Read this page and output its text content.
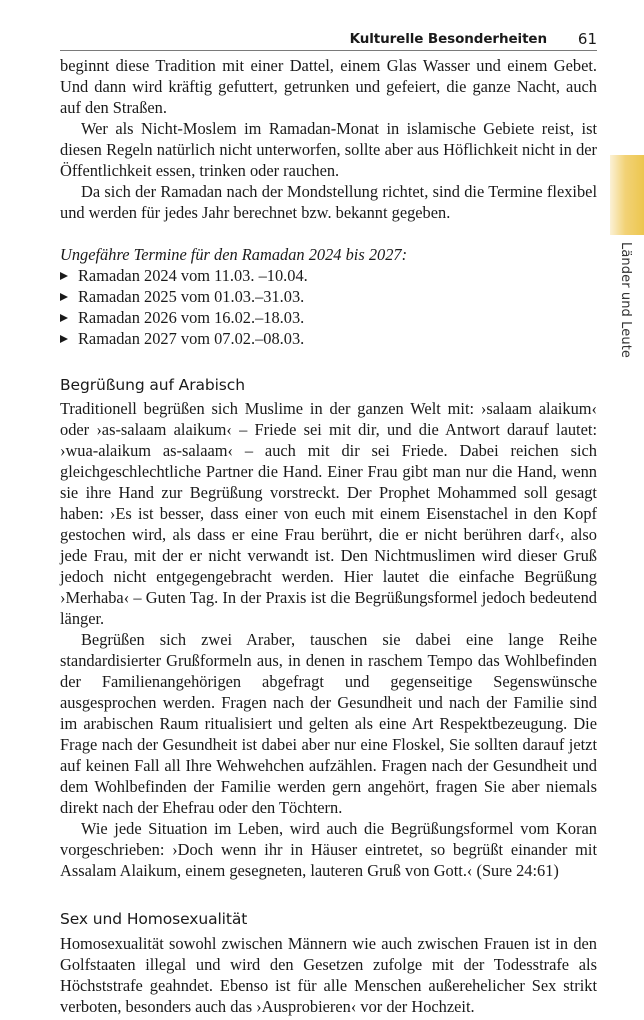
Kulturelle Besonderheiten 61
Länder und Leute

beginnt diese Tradition mit einer Dattel, einem Glas Wasser und einem Gebet. Und dann wird kräftig gefuttert, getrunken und gefeiert, die ganze Nacht, auch auf den Straßen.

Wer als Nicht-Moslem im Ramadan-Monat in islamische Gebiete reist, ist diesen Regeln natürlich nicht unterworfen, sollte aber aus Höflichkeit nicht in der Öffentlichkeit essen, trinken oder rauchen.

Da sich der Ramadan nach der Mondstellung richtet, sind die Termine flexibel und werden für jedes Jahr berechnet bzw. bekannt gegeben.

Ungefähre Termine für den Ramadan 2024 bis 2027:

Ramadan 2024 vom 11.03. –10.04.
Ramadan 2025 vom 01.03.–31.03.
Ramadan 2026 vom 16.02.–18.03.
Ramadan 2027 vom 07.02.–08.03.
Begrüßung auf Arabisch

Traditionell begrüßen sich Muslime in der ganzen Welt mit: ›salaam alaikum‹ oder ›as-salaam alaikum‹ – Friede sei mit dir, und die Antwort darauf lautet: ›wua-alaikum as-salaam‹ – auch mit dir sei Friede. Dabei reichen sich gleichgeschlechtliche Partner die Hand. Einer Frau gibt man nur die Hand, wenn sie ihre Hand zur Begrüßung vorstreckt. Der Prophet Mohammed soll gesagt haben: ›Es ist besser, dass einer von euch mit einem Eisenstachel in den Kopf gestochen wird, als dass er eine Frau berührt, die er nicht berühren darf‹, also jede Frau, mit der er nicht verwandt ist. Den Nichtmuslimen wird dieser Gruß jedoch nicht entgegengebracht werden. Hier lautet die einfache Begrüßung ›Merhaba‹ – Guten Tag. In der Praxis ist die Begrüßungsformel jedoch bedeutend länger.

Begrüßen sich zwei Araber, tauschen sie dabei eine lange Reihe standardisierter Grußformeln aus, in denen in raschem Tempo das Wohlbefinden der Familienangehörigen abgefragt und gegenseitige Segenswünsche ausgesprochen werden. Fragen nach der Gesundheit und nach der Familie sind im arabischen Raum ritualisiert und gelten als eine Art Respektbezeugung. Die Frage nach der Gesundheit ist dabei aber nur eine Floskel, Sie sollten darauf jetzt auf keinen Fall all Ihre Wehwehchen aufzählen. Fragen nach der Gesundheit und dem Wohlbefinden der Familie werden gern angehört, fragen Sie aber niemals direkt nach der Ehefrau oder den Töchtern.

Wie jede Situation im Leben, wird auch die Begrüßungsformel vom Koran vorgeschrieben: ›Doch wenn ihr in Häuser eintretet, so begrüßt einander mit Assalam Alaikum, einem gesegneten, lauteren Gruß von Gott.‹ (Sure 24:61)

Sex und Homosexualität

Homosexualität sowohl zwischen Männern wie auch zwischen Frauen ist in den Golfstaaten illegal und wird den Gesetzen zufolge mit der Todesstrafe als Höchststrafe geahndet. Ebenso ist für alle Menschen außerehelicher Sex strikt verboten, besonders auch das ›Ausprobieren‹ vor der Hochzeit.
